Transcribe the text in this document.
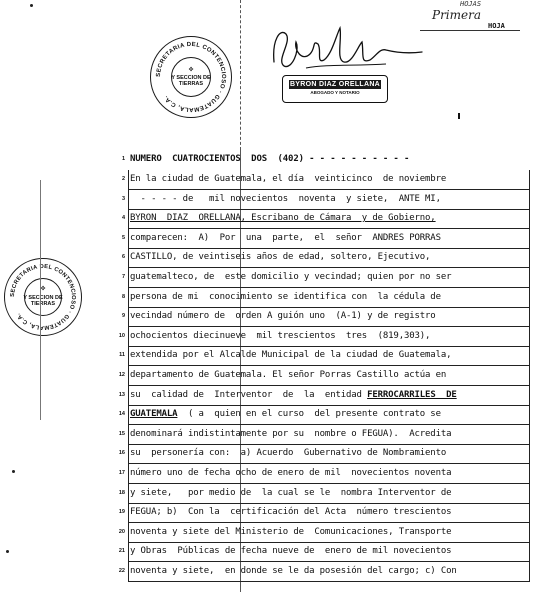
HOJAS
Primera
HOJA
SECRETARIA DEL CONTENCIOSO · GUATEMALA, C.A.
✣
Y SECCION DE
TIERRAS
SECRETARIA DEL CONTENCIOSO · GUATEMALA, C.A.
✣
Y SECCION DE
TIERRAS
BYRON DIAZ ORELLANA
ABOGADO Y NOTARIO
1 NUMERO  CUATROCIENTOS  DOS  (402) - - - - - - - - - -
2 En la ciudad de Guatemala, el día  veinticinco  de noviembre
3 - - - - de   mil novecientos  noventa  y siete,  ANTE MI,
4 BYRON  DIAZ  ORELLANA, Escribano de Cámara  y de Gobierno,
5 comparecen:  A)  Por  una  parte,  el  señor  ANDRES PORRAS
6 CASTILLO, de veintiseis años de edad, soltero, Ejecutivo,
7 guatemalteco, de  este domicilio y vecindad; quien por no ser
8 persona de mi  conocimiento se identifica con  la cédula de
9 vecindad número de  orden A guión uno  (A-1) y de registro
10 ochocientos diecinueve  mil trescientos  tres  (819,303),
11 extendida por el Alcalde Municipal de la ciudad de Guatemala,
12 departamento de Guatemala. El señor Porras Castillo actúa en
13 su  calidad de  Interventor  de  la  entidad FERROCARRILES  DE
14 GUATEMALA  ( a  quien en el curso  del presente contrato se
15 denominará indistintamente por su  nombre o FEGUA).  Acredita
16 su  personería con:  a) Acuerdo  Gubernativo de Nombramiento
17 número uno de fecha ocho de enero de mil  novecientos noventa
18 y siete,   por medio de  la cual se le  nombra Interventor de
19 FEGUA; b)  Con la  certificación del Acta  número trescientos
20 noventa y siete del Ministerio de  Comunicaciones, Transporte
21 y Obras  Públicas de fecha nueve de  enero de mil novecientos
22 noventa y siete,  en donde se le da posesión del cargo; c) Con
